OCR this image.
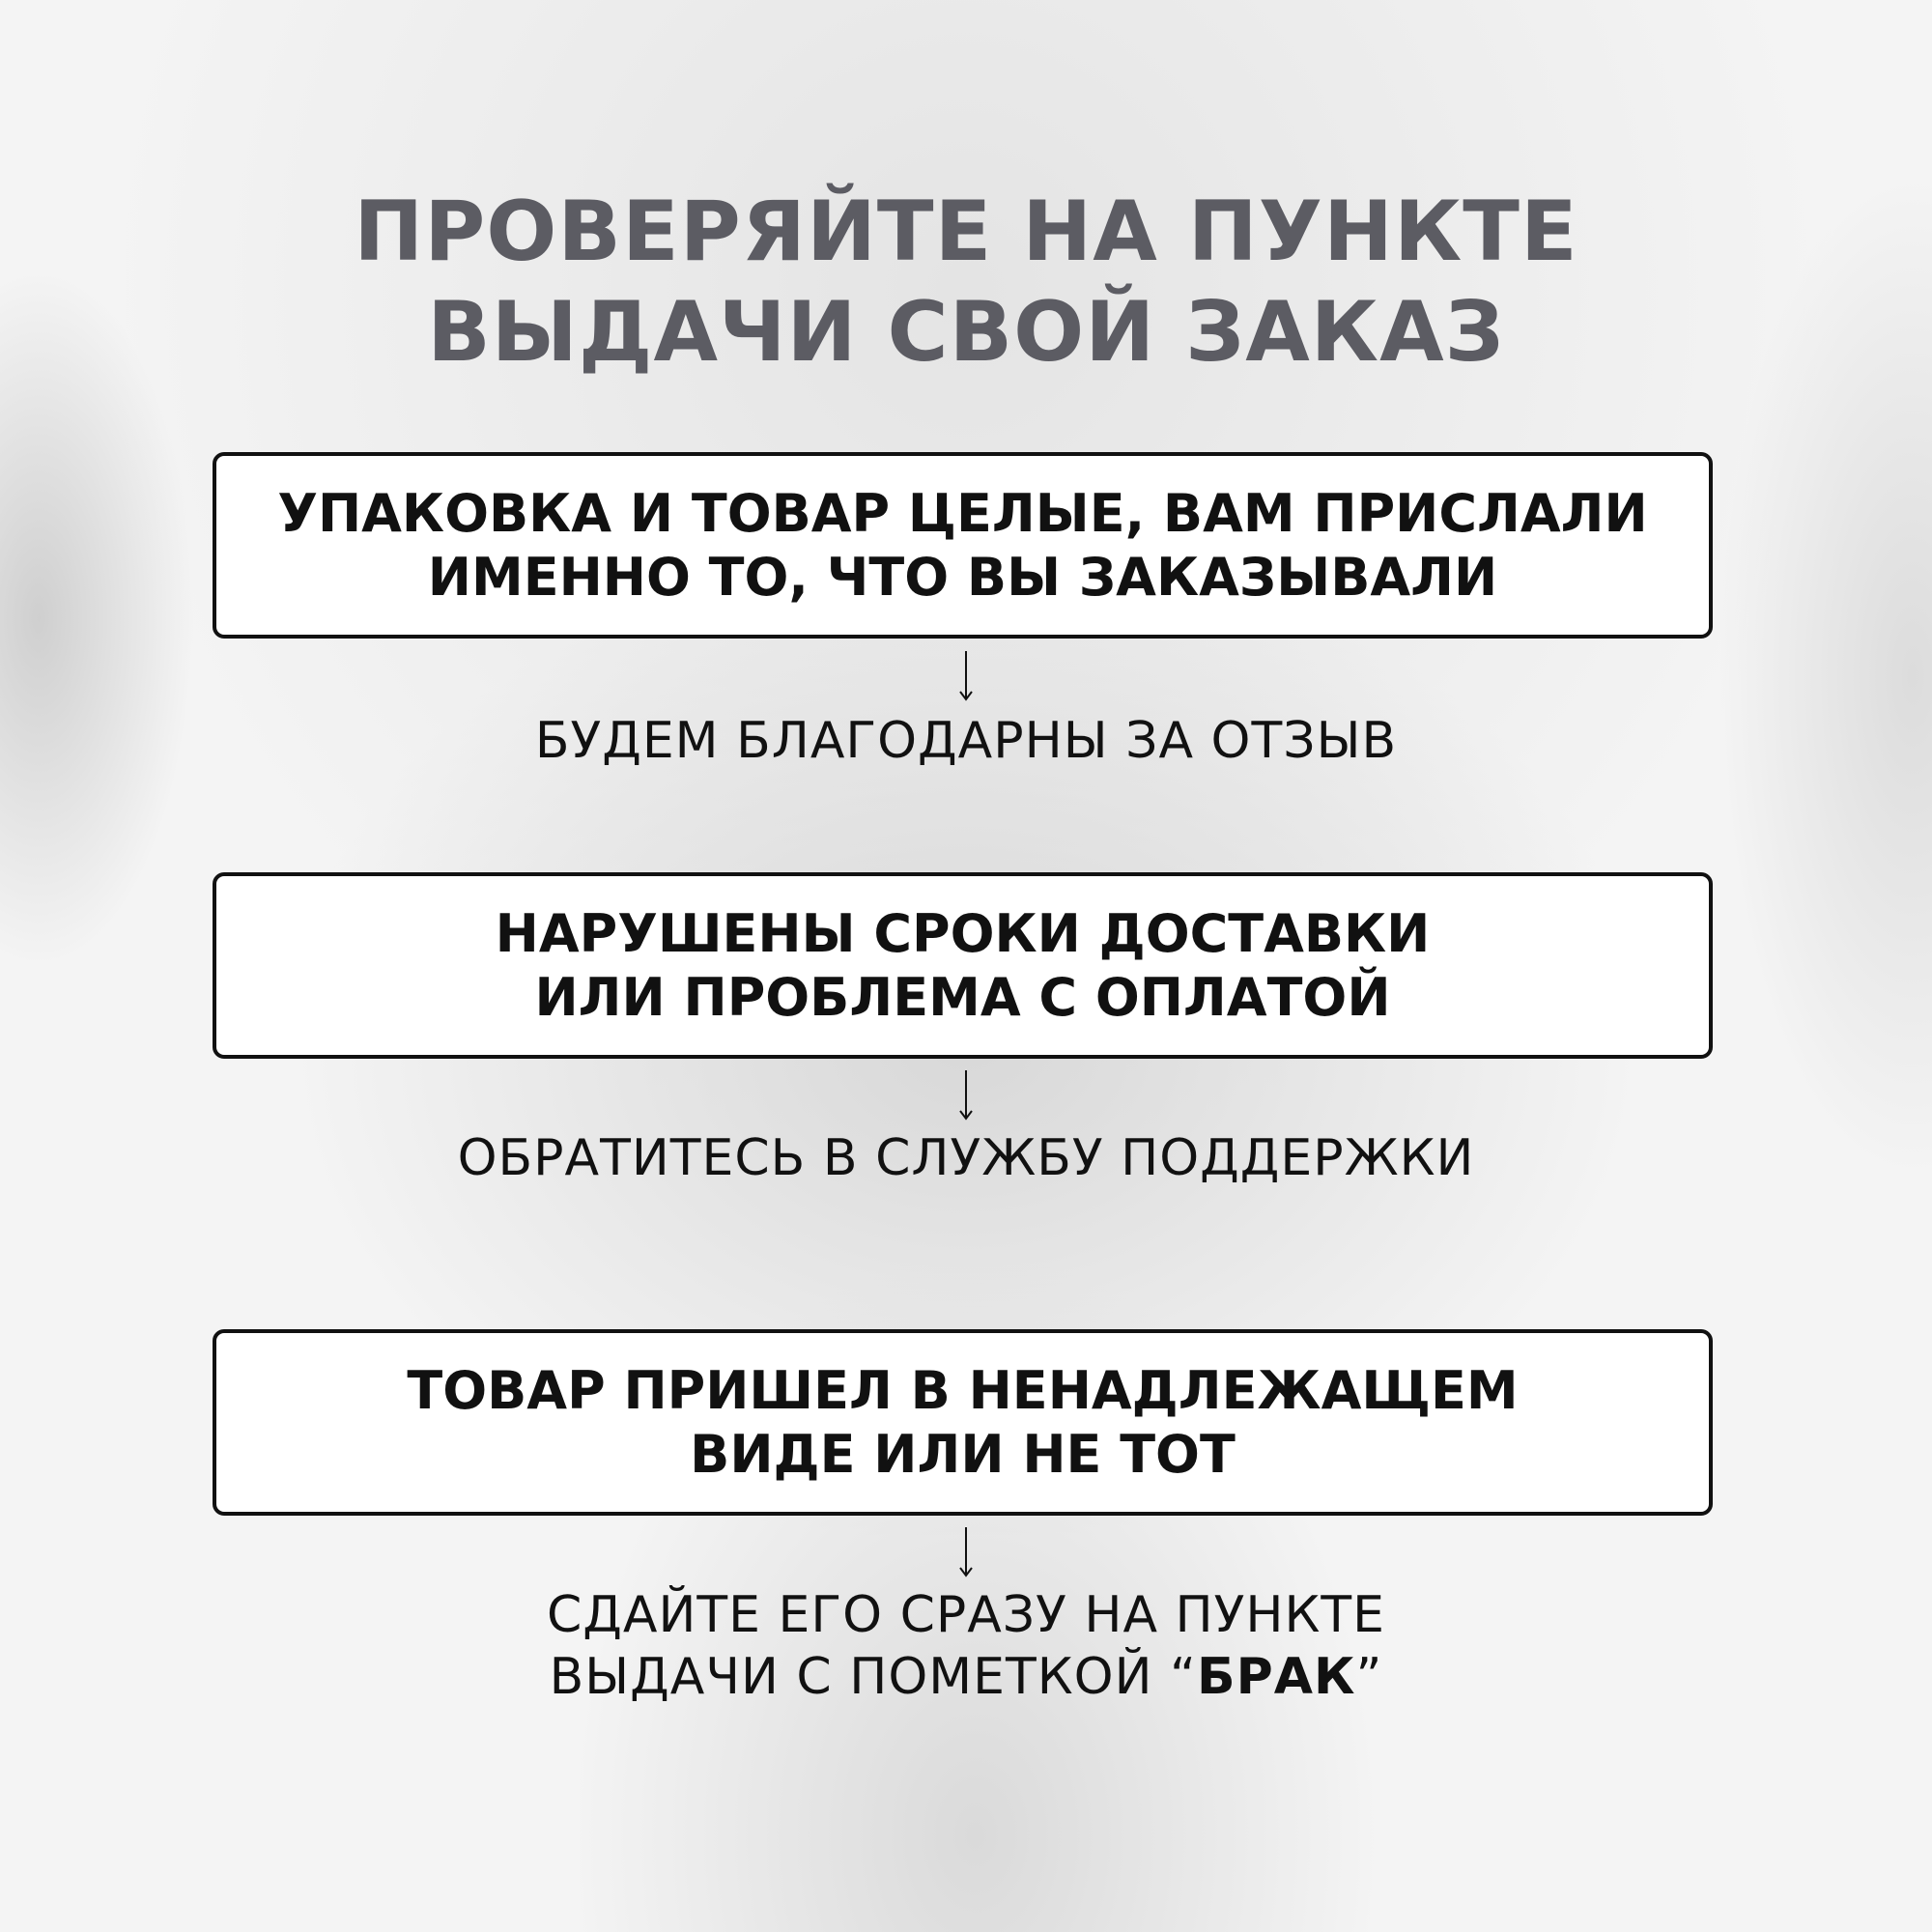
ПРОВЕРЯЙТЕ НА ПУНКТЕ
ВЫДАЧИ СВОЙ ЗАКАЗ
УПАКОВКА И ТОВАР ЦЕЛЫЕ, ВАМ ПРИСЛАЛИ
ИМЕННО ТО, ЧТО ВЫ ЗАКАЗЫВАЛИ
БУДЕМ БЛАГОДАРНЫ ЗА ОТЗЫВ
НАРУШЕНЫ СРОКИ ДОСТАВКИ
ИЛИ ПРОБЛЕМА С ОПЛАТОЙ
ОБРАТИТЕСЬ В СЛУЖБУ ПОДДЕРЖКИ
ТОВАР ПРИШЕЛ В НЕНАДЛЕЖАЩЕМ
ВИДЕ ИЛИ НЕ ТОТ
СДАЙТЕ ЕГО СРАЗУ НА ПУНКТЕ
ВЫДАЧИ С ПОМЕТКОЙ “БРАК”
